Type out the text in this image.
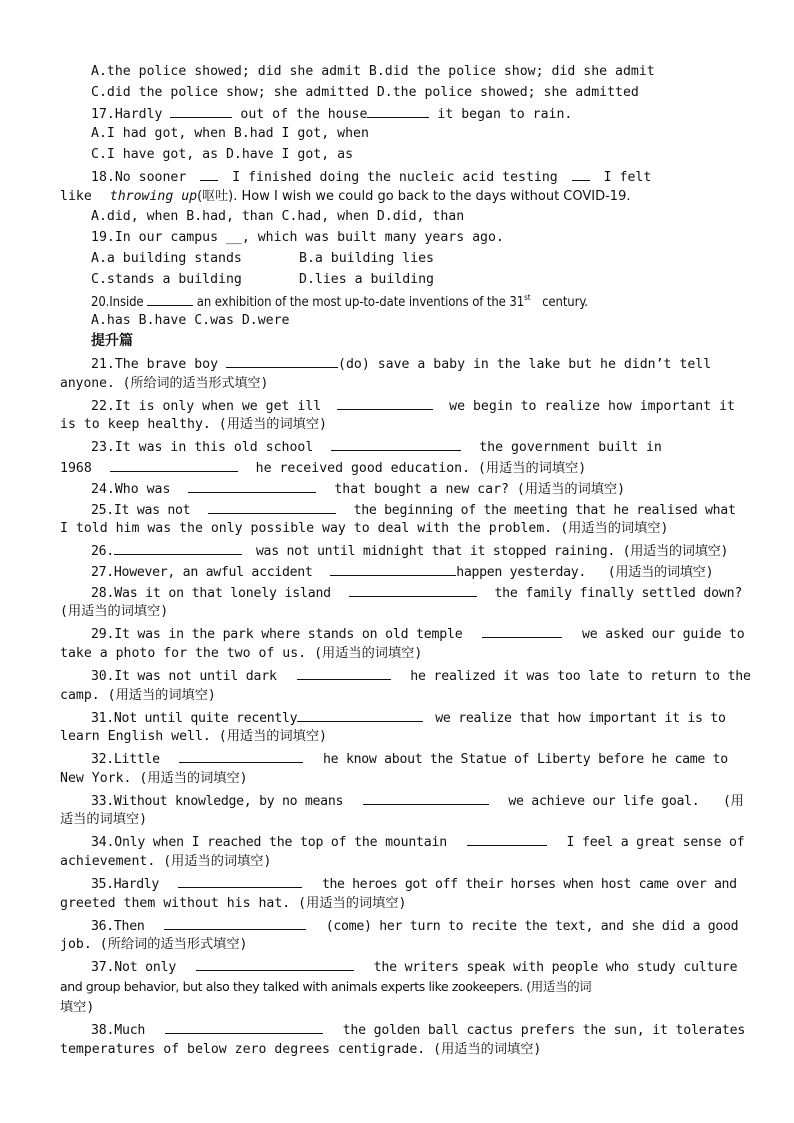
A.the police showed; did she admit B.did the police show; did she admit
C.did the police show; she admitted D.the police showed; she admitted
17.Hardly	out of the house	it began to rain.
A.I had got, when B.had I got, when
C.I have got, as D.have I got, as
18.No sooner	I finished doing the nucleic acid testing	I felt
like throwing up(呕吐). How I wish we could go back to the days without COVID-19.
A.did, when B.had, than C.had, when D.did, than
19.In our campus __, which was built many years ago.
A.a building stands	B.a building lies
C.stands a building	D.lies a building
20.Inside	an exhibition of the most up-to-date inventions of the 31st century.
A.has B.have C.was D.were
提升篇
21.The brave boy	(do) save a baby in the lake but he didn’t tell
anyone. (所给词的适当形式填空)
22.It is only when we get ill	we begin to realize how important it
is to keep healthy. (用适当的词填空)
23.It was in this old school	the government built in
1968	he received good education. (用适当的词填空)
24.Who was	that bought a new car? (用适当的词填空)
25.It was not	the beginning of the meeting that he realised what
I told him was the only possible way to deal with the problem. (用适当的词填空)
26.	was not until midnight that it stopped raining. (用适当的词填空)
27.However, an awful accident	happen yesterday. (用适当的词填空)
28.Was it on that lonely island	the family finally settled down?
(用适当的词填空)
29.It was in the park where stands on old temple	we asked our guide to
take a photo for the two of us. (用适当的词填空)
30.It was not until dark	he realized it was too late to return to the
camp. (用适当的词填空)
31.Not until quite recently	we realize that how important it is to
learn English well. (用适当的词填空)
32.Little	he know about the Statue of Liberty before he came to
New York. (用适当的词填空)
33.Without knowledge, by no means	we achieve our life goal. (用
适当的词填空)
34.Only when I reached the top of the mountain	I feel a great sense of
achievement. (用适当的词填空)
35.Hardly	the heroes got off their horses when host came over and
greeted them without his hat. (用适当的词填空)
36.Then	(come) her turn to recite the text, and she did a good
job. (所给词的适当形式填空)
37.Not only	the writers speak with people who study culture
and group behavior, but also they talked with animals experts like zookeepers. (用适当的词
填空)
38.Much	the golden ball cactus prefers the sun, it tolerates
temperatures of below zero degrees centigrade. (用适当的词填空)
